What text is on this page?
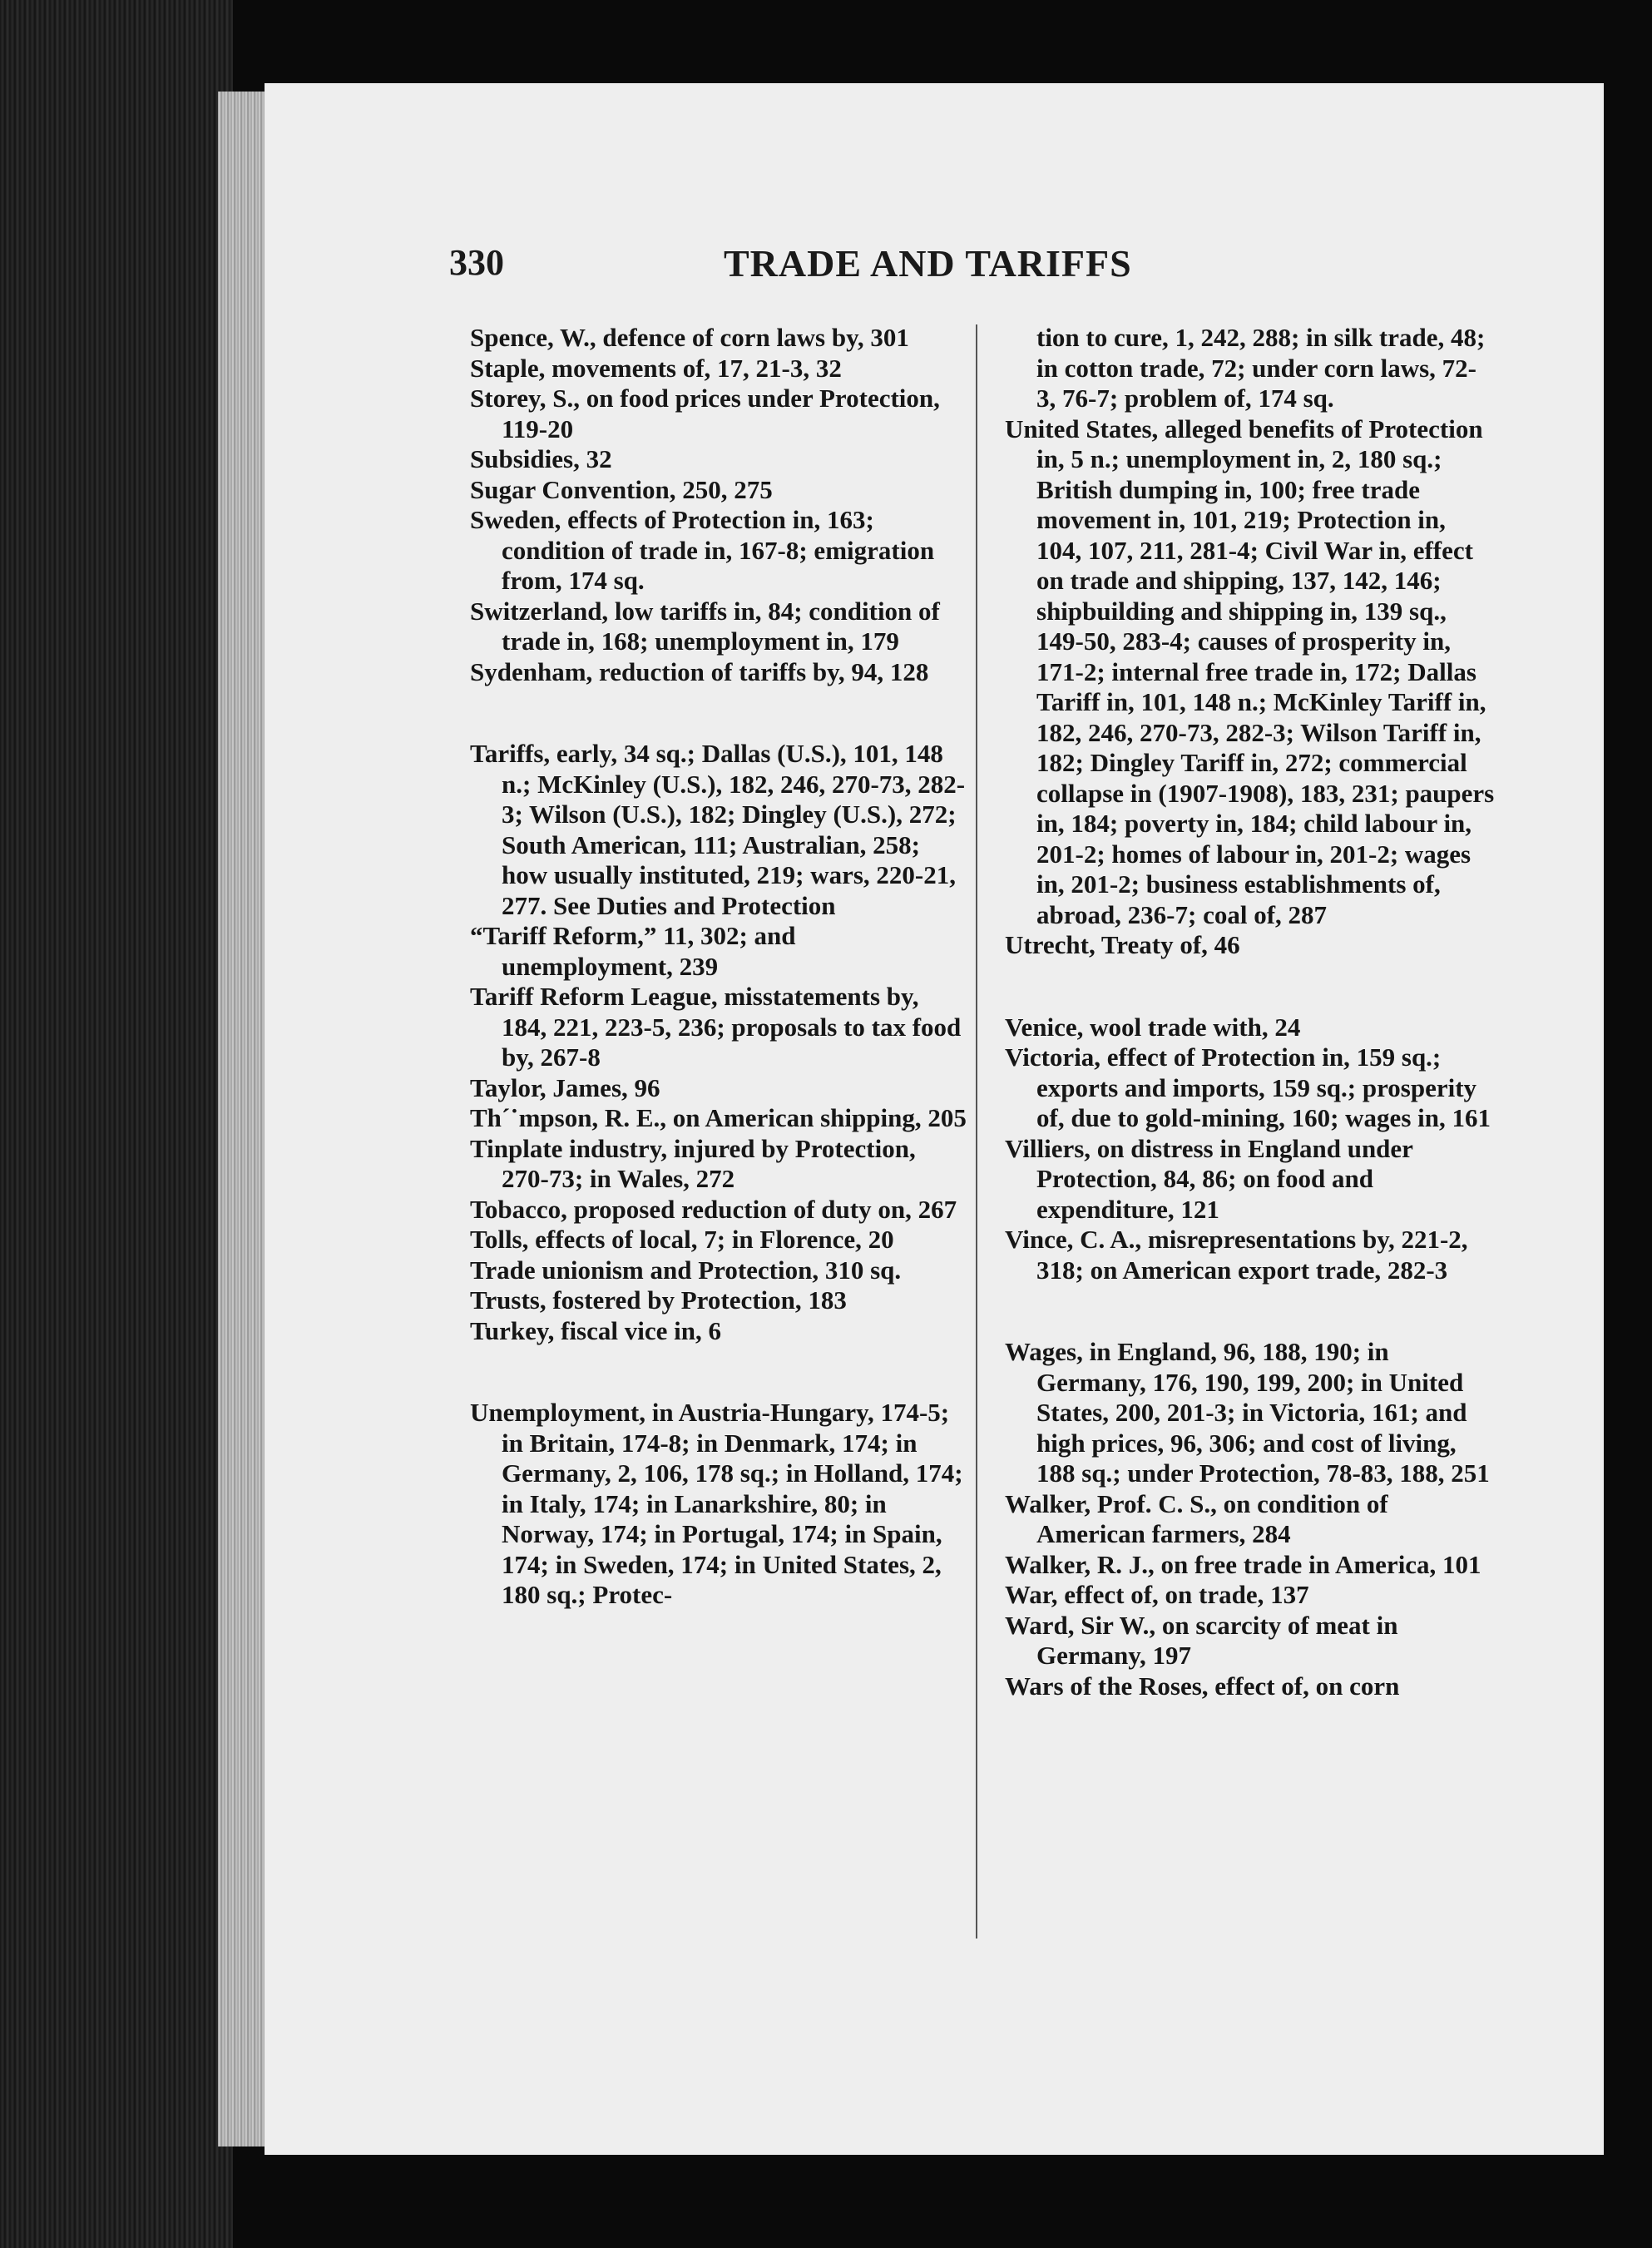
330	TRADE AND TARIFFS

Spence, W., defence of corn laws by, 301

Staple, movements of, 17, 21-3, 32

Storey, S., on food prices under Protection, 119-20

Subsidies, 32

Sugar Convention, 250, 275

Sweden, effects of Protection in, 163; condition of trade in, 167-8; emigration from, 174 sq.

Switzerland, low tariffs in, 84; condition of trade in, 168; unemployment in, 179

Sydenham, reduction of tariffs by, 94, 128

Tariffs, early, 34 sq.; Dallas (U.S.), 101, 148 n.; McKinley (U.S.), 182, 246, 270-73, 282-3; Wilson (U.S.), 182; Dingley (U.S.), 272; South American, 111; Australian, 258; how usually instituted, 219; wars, 220-21, 277. See Duties and Protection

“Tariff Reform,” 11, 302; and unemployment, 239

Tariff Reform League, misstatements by, 184, 221, 223-5, 236; proposals to tax food by, 267-8

Taylor, James, 96

Th´˙mpson, R. E., on American shipping, 205

Tinplate industry, injured by Protection, 270-73; in Wales, 272

Tobacco, proposed reduction of duty on, 267

Tolls, effects of local, 7; in Florence, 20

Trade unionism and Protection, 310 sq.

Trusts, fostered by Protection, 183

Turkey, fiscal vice in, 6

Unemployment, in Austria-Hungary, 174-5; in Britain, 174-8; in Denmark, 174; in Germany, 2, 106, 178 sq.; in Holland, 174; in Italy, 174; in Lanarkshire, 80; in Norway, 174; in Portugal, 174; in Spain, 174; in Sweden, 174; in United States, 2, 180 sq.; Protec-

tion to cure, 1, 242, 288; in silk trade, 48; in cotton trade, 72; under corn laws, 72-3, 76-7; problem of, 174 sq.

United States, alleged benefits of Protection in, 5 n.; unemployment in, 2, 180 sq.; British dumping in, 100; free trade movement in, 101, 219; Protection in, 104, 107, 211, 281-4; Civil War in, effect on trade and shipping, 137, 142, 146; shipbuilding and shipping in, 139 sq., 149-50, 283-4; causes of prosperity in, 171-2; internal free trade in, 172; Dallas Tariff in, 101, 148 n.; McKinley Tariff in, 182, 246, 270-73, 282-3; Wilson Tariff in, 182; Dingley Tariff in, 272; commercial collapse in (1907-1908), 183, 231; paupers in, 184; poverty in, 184; child labour in, 201-2; homes of labour in, 201-2; wages in, 201-2; business establishments of, abroad, 236-7; coal of, 287

Utrecht, Treaty of, 46

Venice, wool trade with, 24

Victoria, effect of Protection in, 159 sq.; exports and imports, 159 sq.; prosperity of, due to gold-mining, 160; wages in, 161

Villiers, on distress in England under Protection, 84, 86; on food and expenditure, 121

Vince, C. A., misrepresentations by, 221-2, 318; on American export trade, 282-3

Wages, in England, 96, 188, 190; in Germany, 176, 190, 199, 200; in United States, 200, 201-3; in Victoria, 161; and high prices, 96, 306; and cost of living, 188 sq.; under Protection, 78-83, 188, 251

Walker, Prof. C. S., on condition of American farmers, 284

Walker, R. J., on free trade in America, 101

War, effect of, on trade, 137

Ward, Sir W., on scarcity of meat in Germany, 197

Wars of the Roses, effect of, on corn
